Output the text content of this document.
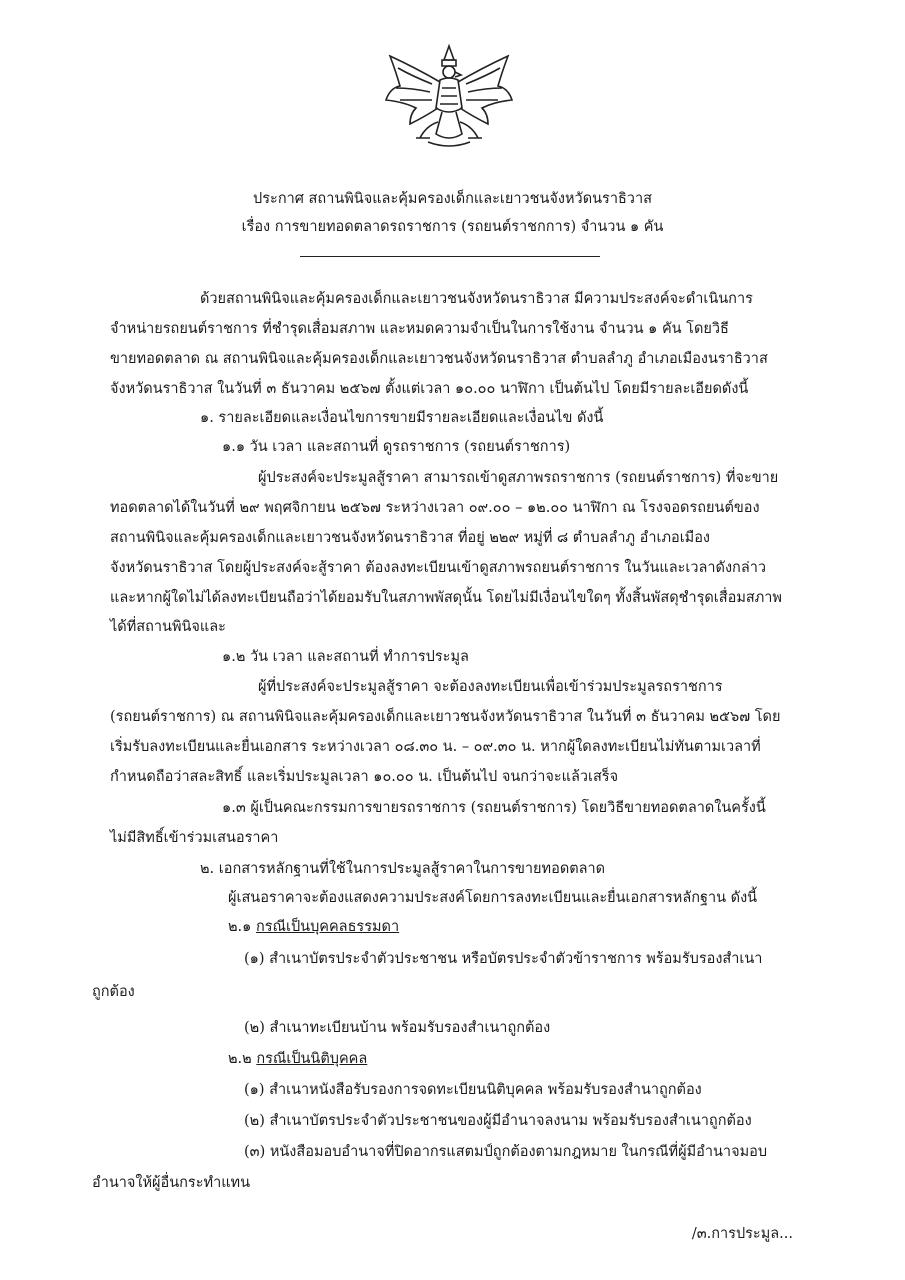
ประกาศ สถานพินิจและคุ้มครองเด็กและเยาวชนจังหวัดนราธิวาส
เรื่อง การขายทอดตลาดรถราชการ (รถยนต์ราชกการ) จำนวน ๑ คัน
ด้วยสถานพินิจและคุ้มครองเด็กและเยาวชนจังหวัดนราธิวาส มีความประสงค์จะดำเนินการ
จำหน่ายรถยนต์ราชการ ที่ชำรุดเสื่อมสภาพ และหมดความจำเป็นในการใช้งาน จำนวน ๑ คัน โดยวิธี
ขายทอดตลาด ณ สถานพินิจและคุ้มครองเด็กและเยาวชนจังหวัดนราธิวาส ตำบลลำภู อำเภอเมืองนราธิวาส
จังหวัดนราธิวาส ในวันที่ ๓ ธันวาคม ๒๕๖๗ ตั้งแต่เวลา ๑๐.๐๐ นาฬิกา เป็นต้นไป โดยมีรายละเอียดดังนี้
๑. รายละเอียดและเงื่อนไขการขายมีรายละเอียดและเงื่อนไข ดังนี้
๑.๑ วัน เวลา และสถานที่ ดูรถราชการ (รถยนต์ราชการ)
ผู้ประสงค์จะประมูลสู้ราคา สามารถเข้าดูสภาพรถราชการ (รถยนต์ราชการ) ที่จะขาย
ทอดตลาดได้ในวันที่ ๒๙ พฤศจิกายน ๒๕๖๗ ระหว่างเวลา ๐๙.๐๐ – ๑๒.๐๐ นาฬิกา ณ โรงจอดรถยนต์ของ
สถานพินิจและคุ้มครองเด็กและเยาวชนจังหวัดนราธิวาส ที่อยู่ ๒๒๙ หมู่ที่ ๘ ตำบลลำภู อำเภอเมือง
จังหวัดนราธิวาส โดยผู้ประสงค์จะสู้ราคา ต้องลงทะเบียนเข้าดูสภาพรถยนต์ราชการ ในวันและเวลาดังกล่าว
และหากผู้ใดไม่ได้ลงทะเบียนถือว่าได้ยอมรับในสภาพพัสดุนั้น โดยไม่มีเงื่อนไขใดๆ ทั้งสิ้นพัสดุชำรุดเสื่อมสภาพ
ได้ที่สถานพินิจและ
๑.๒ วัน เวลา และสถานที่ ทำการประมูล
ผู้ที่ประสงค์จะประมูลสู้ราคา จะต้องลงทะเบียนเพื่อเข้าร่วมประมูลรถราชการ
(รถยนต์ราชการ) ณ สถานพินิจและคุ้มครองเด็กและเยาวชนจังหวัดนราธิวาส ในวันที่ ๓ ธันวาคม ๒๕๖๗ โดย
เริ่มรับลงทะเบียนและยื่นเอกสาร ระหว่างเวลา ๐๘.๓๐ น. – ๐๙.๓๐ น. หากผู้ใดลงทะเบียนไม่ทันตามเวลาที่
กำหนดถือว่าสละสิทธิ์ และเริ่มประมูลเวลา ๑๐.๐๐ น. เป็นต้นไป จนกว่าจะแล้วเสร็จ
๑.๓ ผู้เป็นคณะกรรมการขายรถราชการ (รถยนต์ราชการ) โดยวิธีขายทอดตลาดในครั้งนี้
ไม่มีสิทธิ์เข้าร่วมเสนอราคา
๒. เอกสารหลักฐานที่ใช้ในการประมูลสู้ราคาในการขายทอดตลาด
ผู้เสนอราคาจะต้องแสดงความประสงค์โดยการลงทะเบียนและยื่นเอกสารหลักฐาน ดังนี้
๒.๑ กรณีเป็นบุคคลธรรมดา
(๑) สำเนาบัตรประจำตัวประชาชน หรือบัตรประจำตัวข้าราชการ พร้อมรับรองสำเนา
ถูกต้อง
(๒) สำเนาทะเบียนบ้าน พร้อมรับรองสำเนาถูกต้อง
๒.๒ กรณีเป็นนิติบุคคล
(๑) สำเนาหนังสือรับรองการจดทะเบียนนิติบุคคล พร้อมรับรองสำนาถูกต้อง
(๒) สำเนาบัตรประจำตัวประชาชนของผู้มีอำนาจลงนาม พร้อมรับรองสำเนาถูกต้อง
(๓) หนังสือมอบอำนาจที่ปิดอากรแสตมป์ถูกต้องตามกฎหมาย ในกรณีที่ผู้มีอำนาจมอบ
อำนาจให้ผู้อื่นกระทำแทน
/๓.การประมูล...
